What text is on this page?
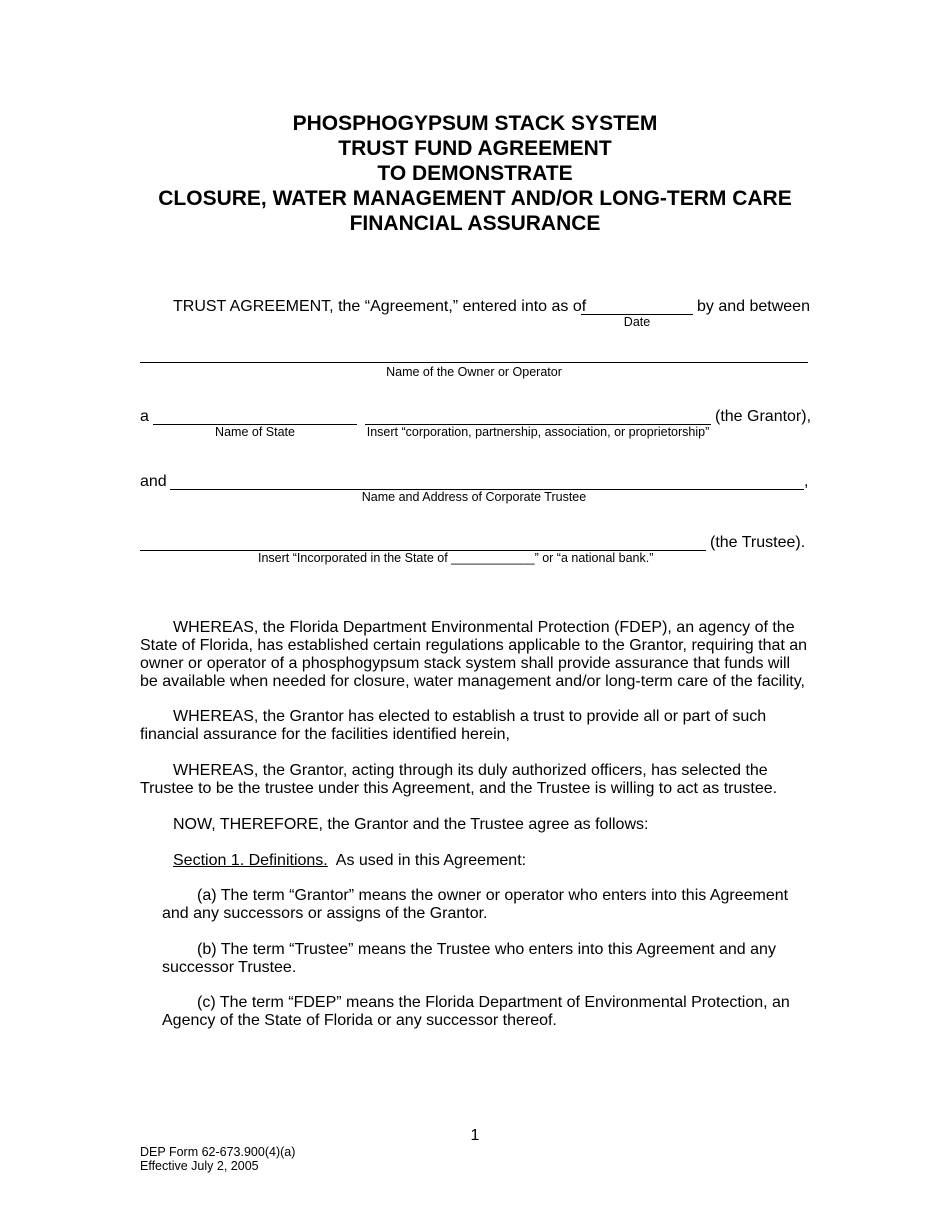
PHOSPHOGYPSUM STACK SYSTEM
TRUST FUND AGREEMENT
TO DEMONSTRATE
CLOSURE, WATER MANAGEMENT AND/OR LONG-TERM CARE
FINANCIAL ASSURANCE
TRUST AGREEMENT, the “Agreement,” entered into as of	by and between
Date
Name of the Owner or Operator
a	(the Grantor),
Name of State	Insert “corporation, partnership, association, or proprietorship”
and	,
Name and Address of Corporate Trustee
(the Trustee).
Insert “Incorporated in the State of ____________” or “a national bank.”
WHEREAS, the Florida Department Environmental Protection (FDEP), an agency of the State of Florida, has established certain regulations applicable to the Grantor, requiring that an owner or operator of a phosphogypsum stack system shall provide assurance that funds will be available when needed for closure, water management and/or long-term care of the facility,
WHEREAS, the Grantor has elected to establish a trust to provide all or part of such financial assurance for the facilities identified herein,
WHEREAS, the Grantor, acting through its duly authorized officers, has selected the Trustee to be the trustee under this Agreement, and the Trustee is willing to act as trustee.
NOW, THEREFORE, the Grantor and the Trustee agree as follows:
Section 1. Definitions. As used in this Agreement:
(a) The term “Grantor” means the owner or operator who enters into this Agreement and any successors or assigns of the Grantor.
(b) The term “Trustee” means the Trustee who enters into this Agreement and any successor Trustee.
(c) The term “FDEP” means the Florida Department of Environmental Protection, an Agency of the State of Florida or any successor thereof.
1
DEP Form 62-673.900(4)(a)
Effective July 2, 2005
